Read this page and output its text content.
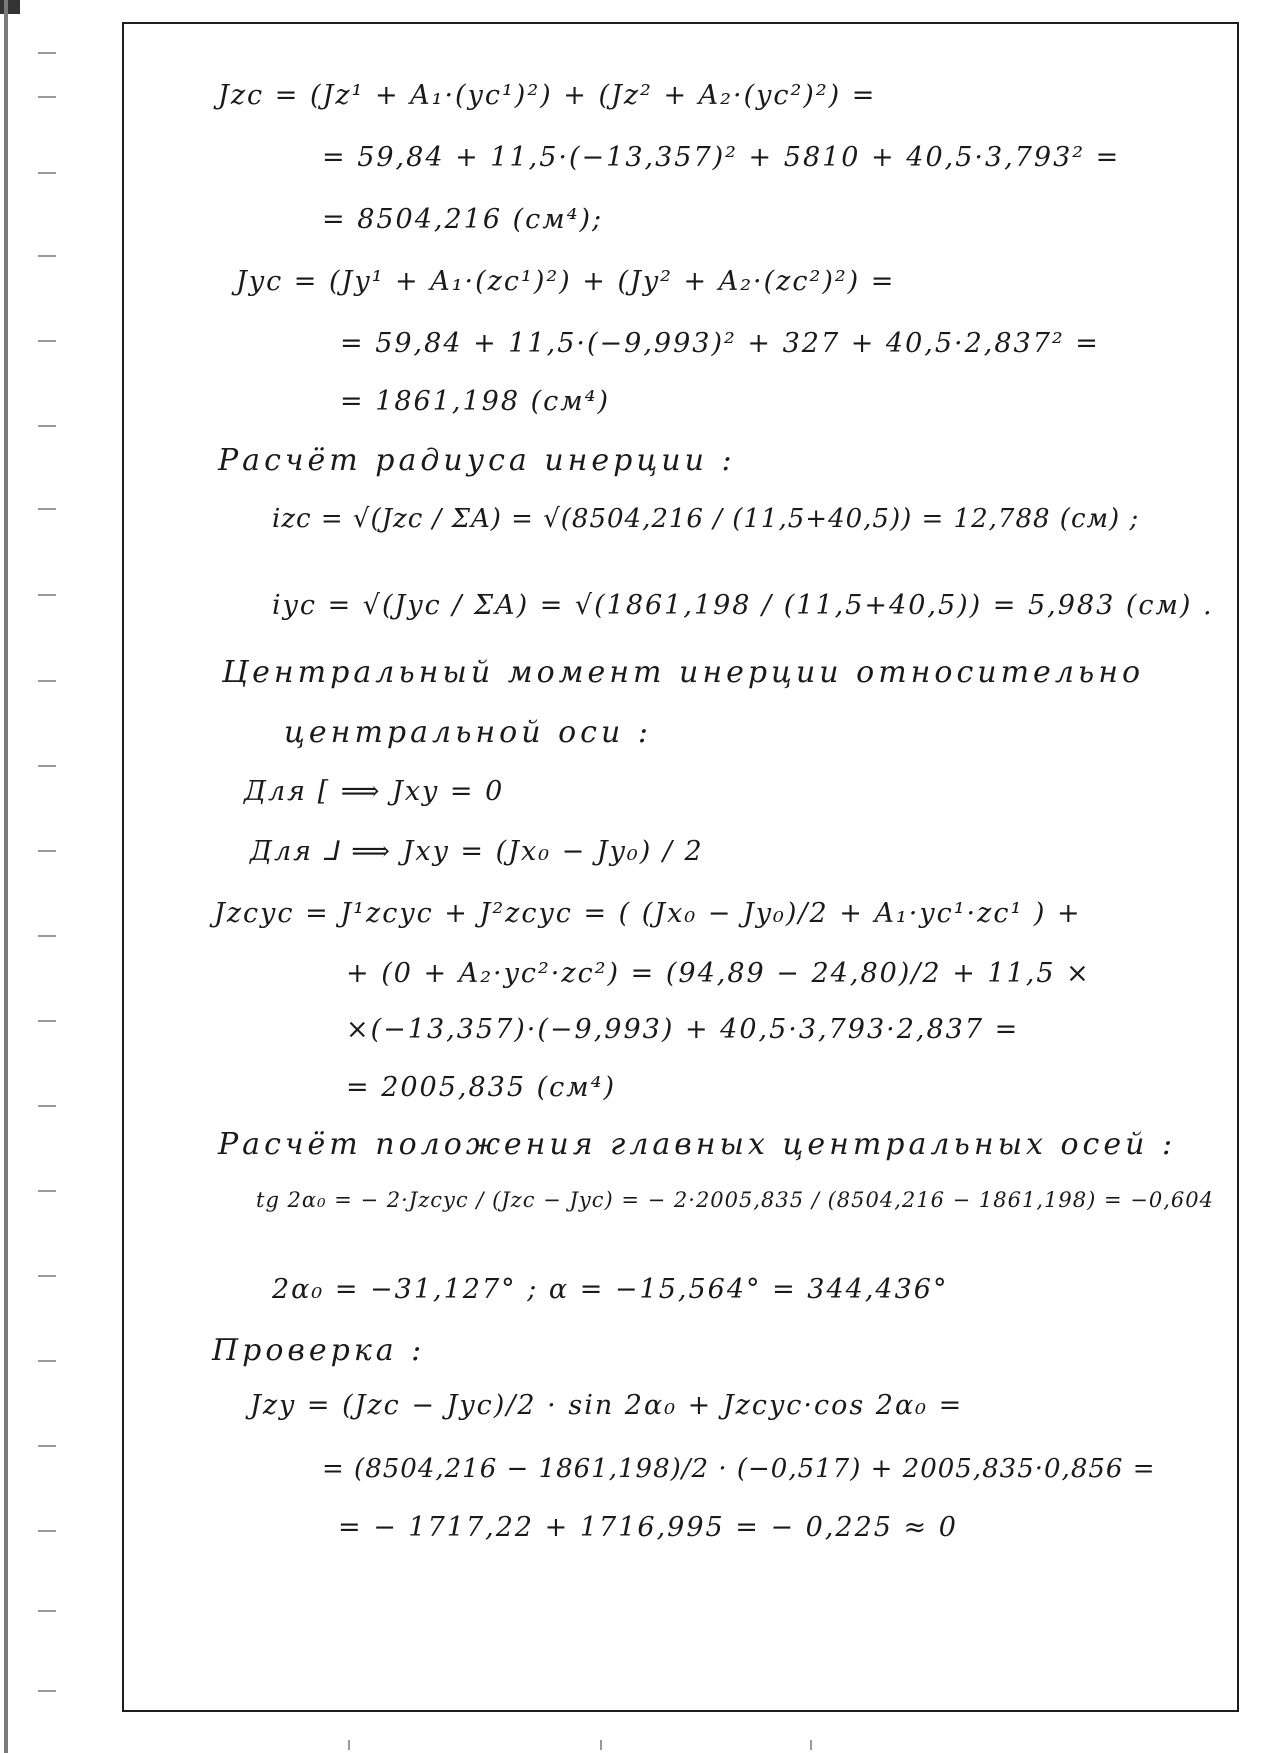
Jzc = (Jz¹ + A₁·(yc¹)²) + (Jz² + A₂·(yc²)²) =

= 59,84 + 11,5·(−13,357)² + 5810 + 40,5·3,793² =

= 8504,216 (см⁴);

Jyc = (Jy¹ + A₁·(zc¹)²) + (Jy² + A₂·(zc²)²) =

= 59,84 + 11,5·(−9,993)² + 327 + 40,5·2,837² =

= 1861,198 (см⁴)

Расчёт радиуса инерции :

izc = √(Jzc / ΣA) = √(8504,216 / (11,5+40,5)) = 12,788 (см) ;

iyc = √(Jyc / ΣA) = √(1861,198 / (11,5+40,5)) = 5,983 (см) .

Центральный момент инерции относительно

центральной оси :

Для [ ⟹ Jxy = 0

Для ⅃ ⟹ Jxy = (Jx₀ − Jy₀) / 2

Jzcyc = J¹zcyc + J²zcyc = ( (Jx₀ − Jy₀)/2 + A₁·yc¹·zc¹ ) +

+ (0 + A₂·yc²·zc²) = (94,89 − 24,80)/2 + 11,5 ×

×(−13,357)·(−9,993) + 40,5·3,793·2,837 =

= 2005,835 (см⁴)

Расчёт положения главных центральных осей :

tg 2α₀ = − 2·Jzcyc / (Jzc − Jyc) = − 2·2005,835 / (8504,216 − 1861,198) = −0,604

2α₀ = −31,127° ; α = −15,564° = 344,436°

Проверка :

Jzy = (Jzc − Jyc)/2 · sin 2α₀ + Jzcyc·cos 2α₀ =

= (8504,216 − 1861,198)/2 · (−0,517) + 2005,835·0,856 =

= − 1717,22 + 1716,995 = − 0,225 ≈ 0
